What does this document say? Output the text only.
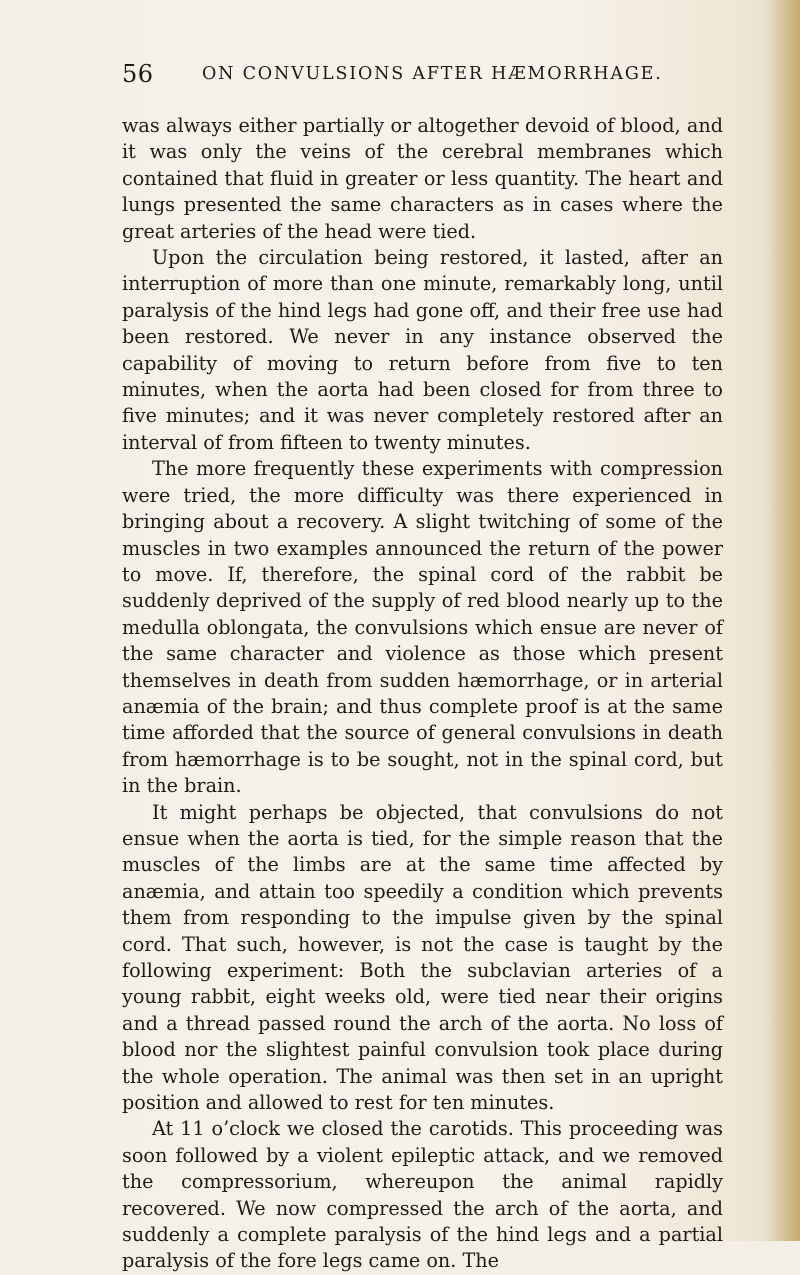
56	ON CONVULSIONS AFTER HÆMORRHAGE.

was always either partially or altogether devoid of blood, and it was only the veins of the cerebral membranes which contained that fluid in greater or less quantity. The heart and lungs presented the same characters as in cases where the great arteries of the head were tied.

Upon the circulation being restored, it lasted, after an interruption of more than one minute, remarkably long, until paralysis of the hind legs had gone off, and their free use had been restored. We never in any instance observed the capability of moving to return before from five to ten minutes, when the aorta had been closed for from three to five minutes; and it was never completely restored after an interval of from fifteen to twenty minutes.

The more frequently these experiments with compression were tried, the more difficulty was there experienced in bringing about a recovery. A slight twitching of some of the muscles in two examples announced the return of the power to move. If, therefore, the spinal cord of the rabbit be suddenly deprived of the supply of red blood nearly up to the medulla oblongata, the convulsions which ensue are never of the same character and violence as those which present themselves in death from sudden hæmorrhage, or in arterial anæmia of the brain; and thus complete proof is at the same time afforded that the source of general convulsions in death from hæmorrhage is to be sought, not in the spinal cord, but in the brain.

It might perhaps be objected, that convulsions do not ensue when the aorta is tied, for the simple reason that the muscles of the limbs are at the same time affected by anæmia, and attain too speedily a condition which prevents them from responding to the impulse given by the spinal cord. That such, however, is not the case is taught by the following experiment: Both the subclavian arteries of a young rabbit, eight weeks old, were tied near their origins and a thread passed round the arch of the aorta. No loss of blood nor the slightest painful convulsion took place during the whole operation. The animal was then set in an upright position and allowed to rest for ten minutes.

At 11 o’clock we closed the carotids. This proceeding was soon followed by a violent epileptic attack, and we removed the compressorium, whereupon the animal rapidly recovered. We now compressed the arch of the aorta, and suddenly a complete paralysis of the hind legs and a partial paralysis of the fore legs came on. The
